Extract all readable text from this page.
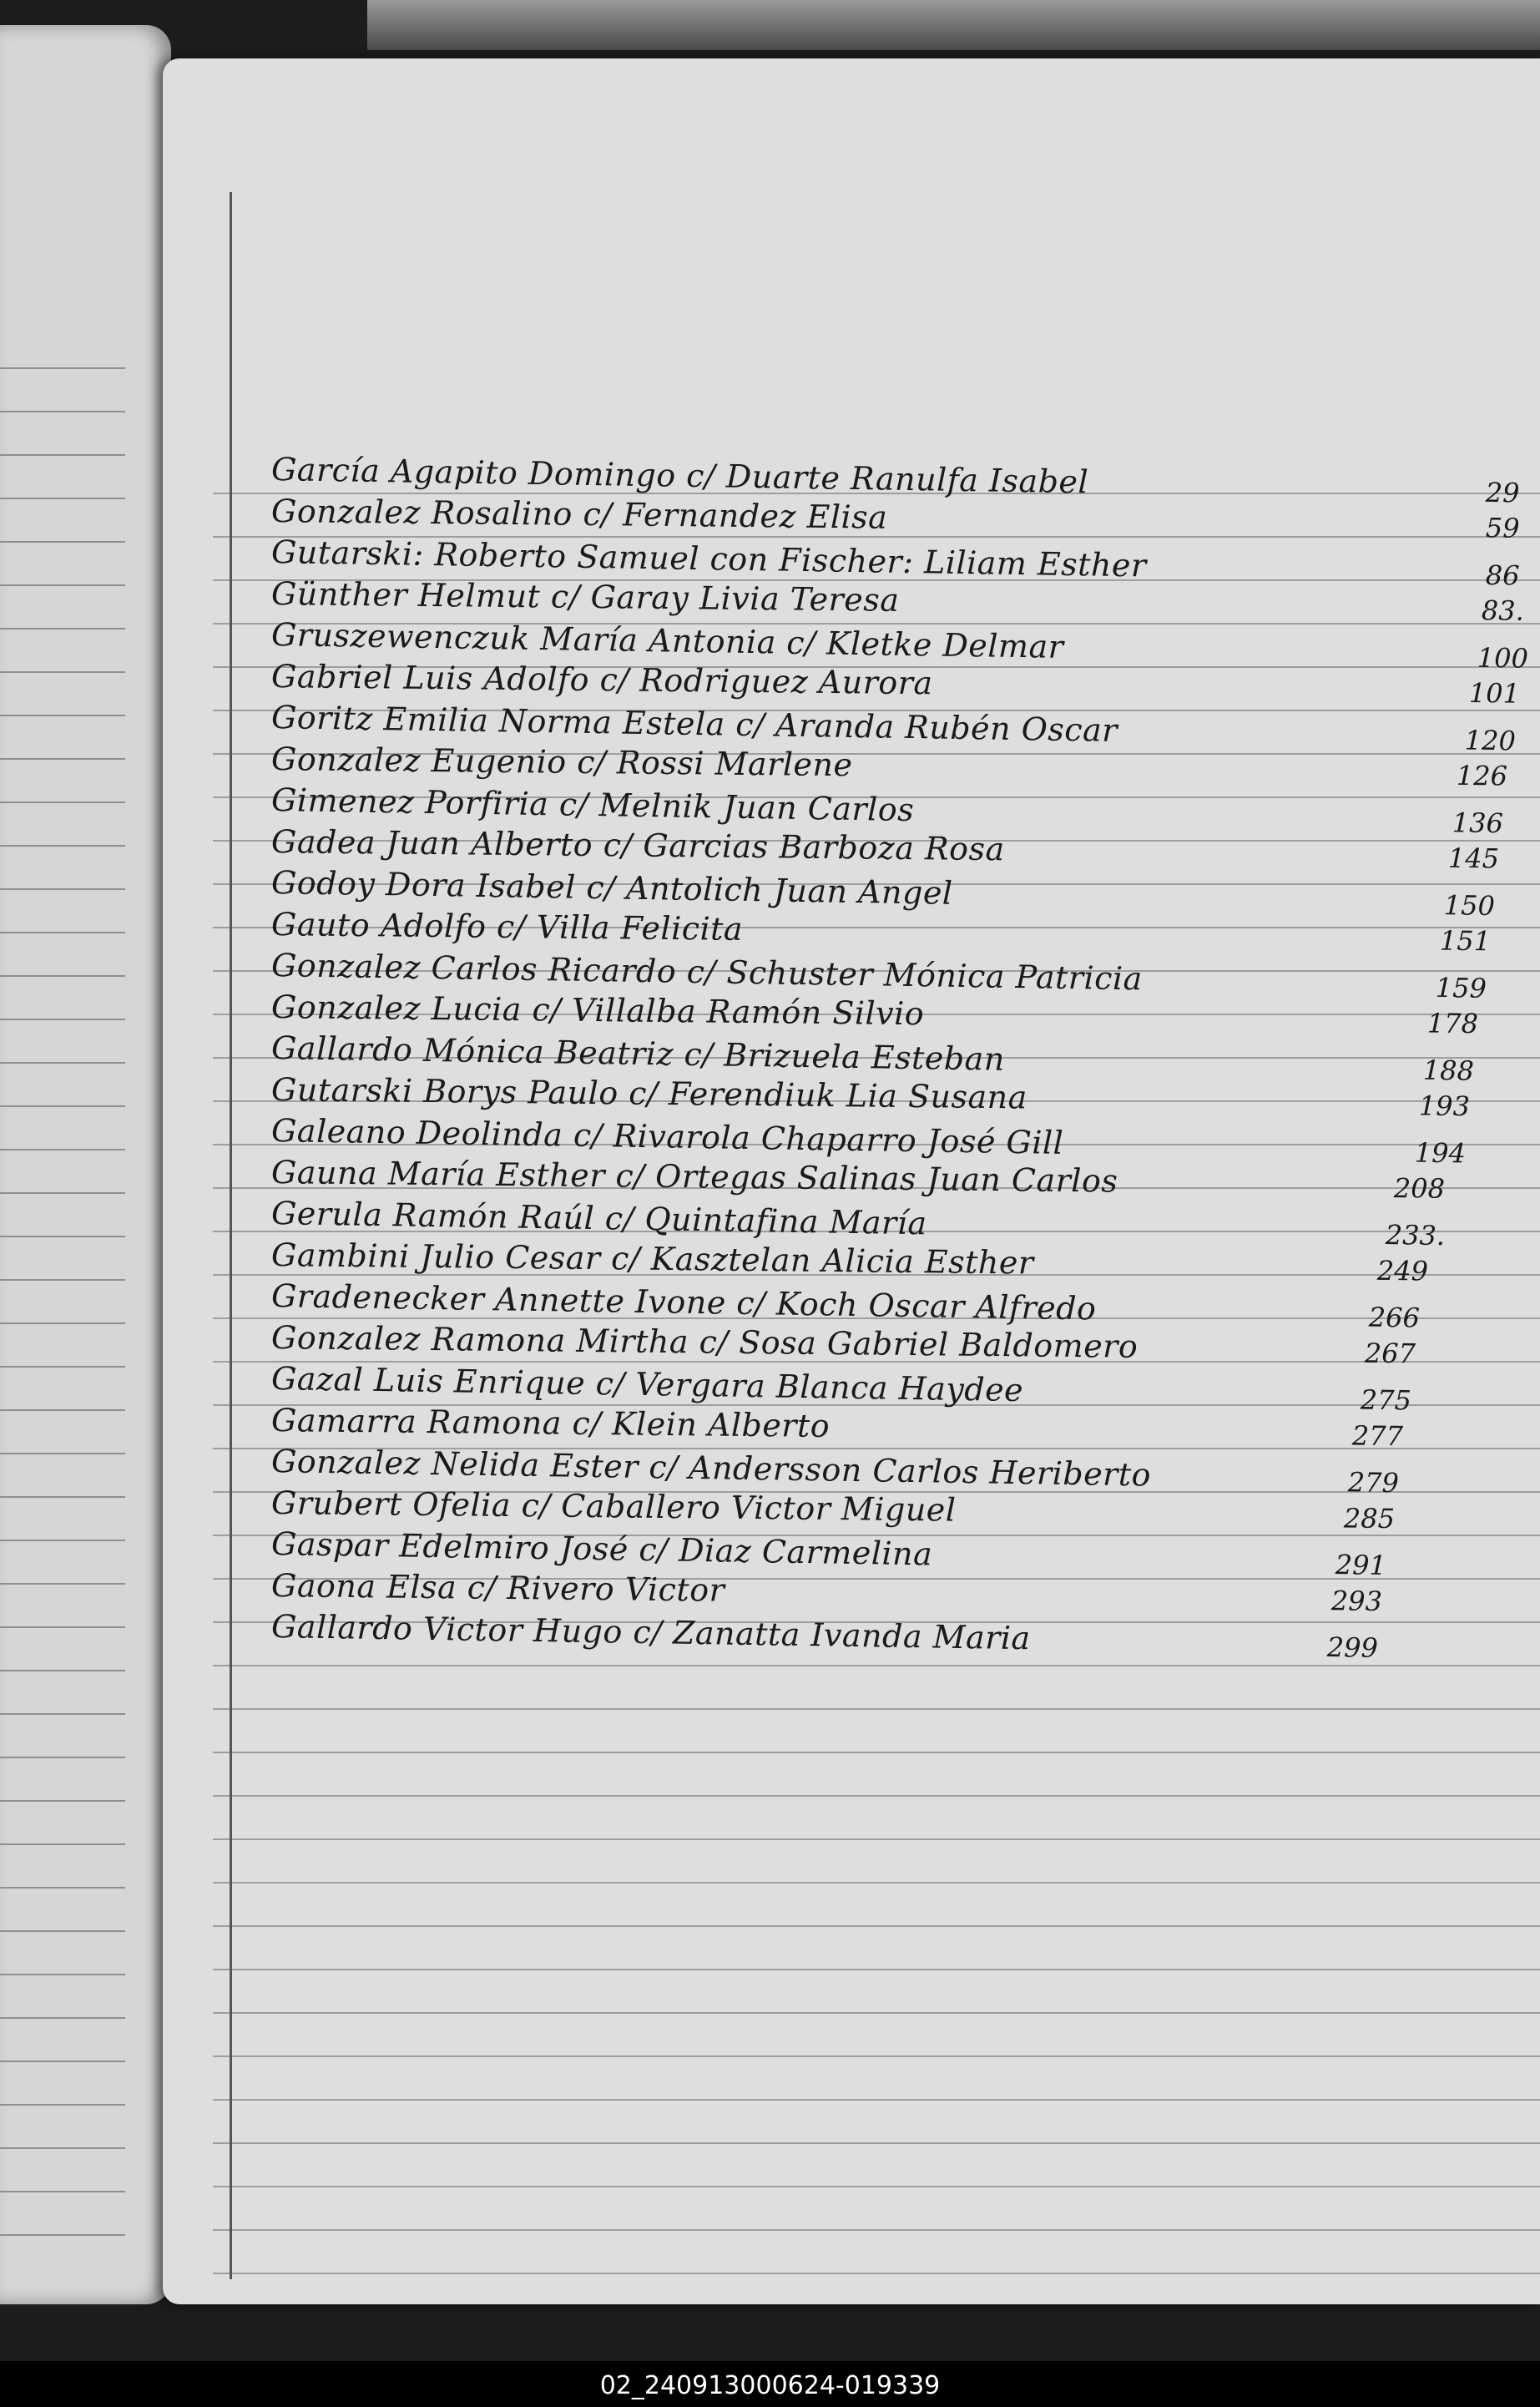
García Agapito Domingo c/ Duarte Ranulfa Isabel	29
Gonzalez Rosalino c/ Fernandez Elisa	59
Gutarski: Roberto Samuel con Fischer: Liliam Esther	86
Günther Helmut c/ Garay Livia Teresa	83.
Gruszewenczuk María Antonia c/ Kletke Delmar	100
Gabriel Luis Adolfo c/ Rodriguez Aurora	101
Goritz Emilia Norma Estela c/ Aranda Rubén Oscar	120
Gonzalez Eugenio c/ Rossi Marlene	126
Gimenez Porfiria c/ Melnik Juan Carlos	136
Gadea Juan Alberto c/ Garcias Barboza Rosa	145
Godoy Dora Isabel c/ Antolich Juan Angel	150
Gauto Adolfo c/ Villa Felicita	151
Gonzalez Carlos Ricardo c/ Schuster Mónica Patricia	159
Gonzalez Lucia c/ Villalba Ramón Silvio	178
Gallardo Mónica Beatriz c/ Brizuela Esteban	188
Gutarski Borys Paulo c/ Ferendiuk Lia Susana	193
Galeano Deolinda c/ Rivarola Chaparro José Gill	194
Gauna María Esther c/ Ortegas Salinas Juan Carlos	208
Gerula Ramón Raúl c/ Quintafina María	233.
Gambini Julio Cesar c/ Kasztelan Alicia Esther	249
Gradenecker Annette Ivone c/ Koch Oscar Alfredo	266
Gonzalez Ramona Mirtha c/ Sosa Gabriel Baldomero	267
Gazal Luis Enrique c/ Vergara Blanca Haydee	275
Gamarra Ramona c/ Klein Alberto	277
Gonzalez Nelida Ester c/ Andersson Carlos Heriberto	279
Grubert Ofelia c/ Caballero Victor Miguel	285
Gaspar Edelmiro José c/ Diaz Carmelina	291
Gaona Elsa c/ Rivero Victor	293
Gallardo Victor Hugo c/ Zanatta Ivanda Maria	299
02_240913000624-019339
